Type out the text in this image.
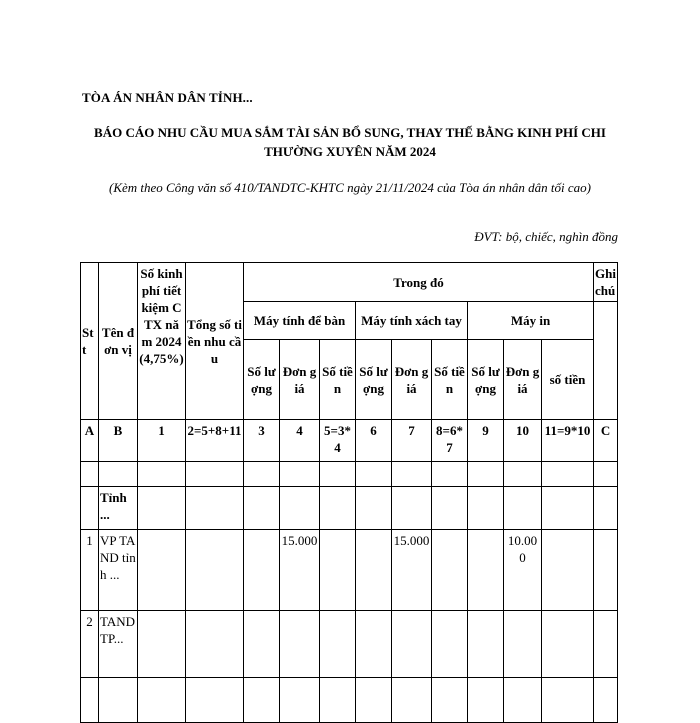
TÒA ÁN NHÂN DÂN TỈNH...
BÁO CÁO NHU CẦU MUA SẮM TÀI SẢN BỔ SUNG, THAY THẾ BẰNG KINH PHÍ CHI THƯỜNG XUYÊN NĂM 2024
(Kèm theo Công văn số 410/TANDTC-KHTC ngày 21/11/2024 của Tòa án nhân dân tối cao)
ĐVT: bộ, chiếc, nghìn đồng
Stt	Tên đơn vị	Số kinh phí tiết kiệm CTX năm 2024 (4,75%)	Tổng số tiền nhu cầu	Trong đó									Ghi chú
				Máy tính để bàn			Máy tính xách tay			Máy in			
				Số lượng	Đơn giá	Số tiền	Số lượng	Đơn giá	Số tiền	Số lượng	Đơn giá	số tiền	
A	B	1	2=5+8+11	3	4	5=3*4	6	7	8=6*7	9	10	11=9*10	C

	Tỉnh ...												
1	VP TAND tỉnh ...				15.000			15.000			10.000		
2	TAND TP...												
